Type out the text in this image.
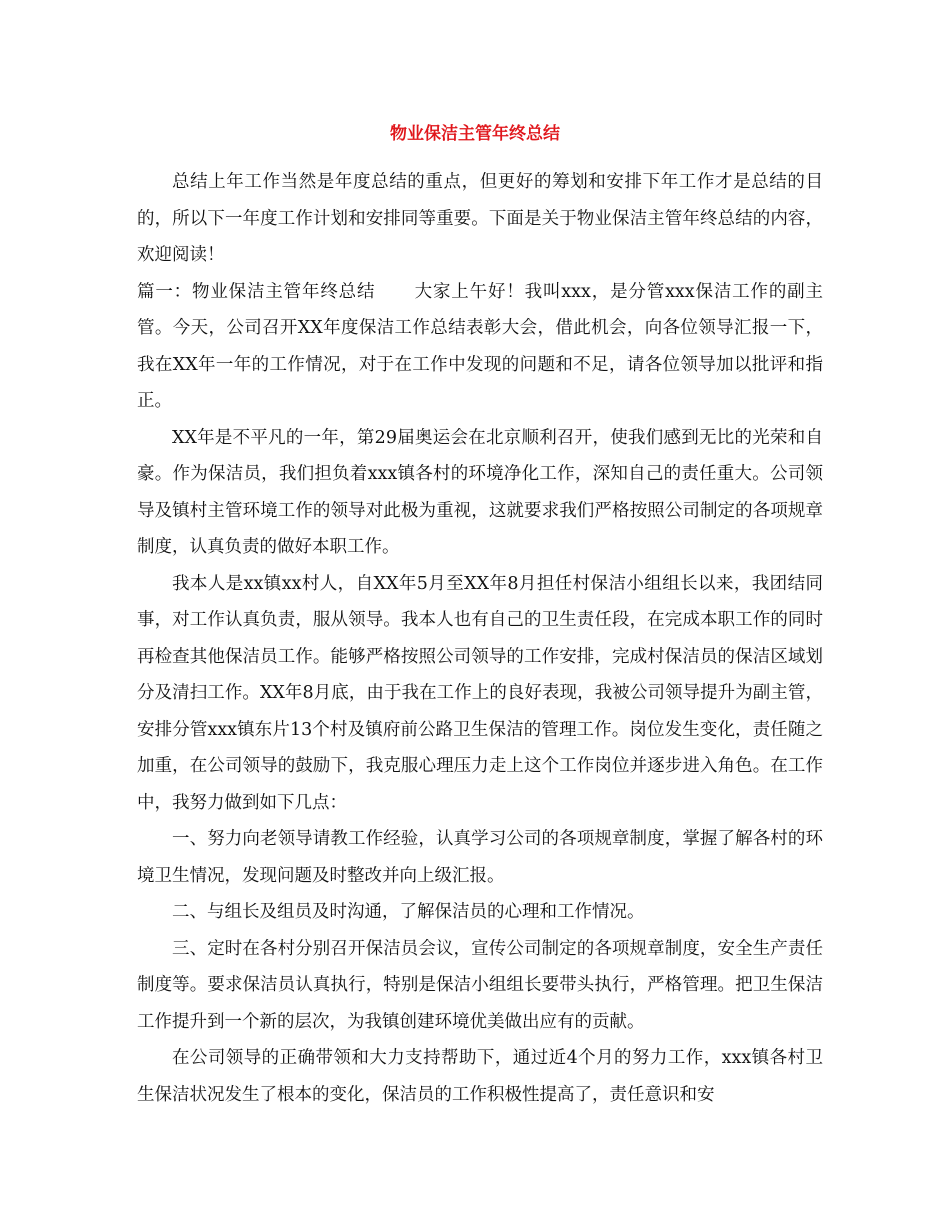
物业保洁主管年终总结

总结上年工作当然是年度总结的重点，但更好的筹划和安排下年工作才是总结的目的，所以下一年度工作计划和安排同等重要。下面是关于物业保洁主管年终总结的内容，欢迎阅读！

篇一：物业保洁主管年终总结 大家上午好！我叫xxx，是分管xxx保洁工作的副主管。今天，公司召开XX年度保洁工作总结表彰大会，借此机会，向各位领导汇报一下，我在XX年一年的工作情况，对于在工作中发现的问题和不足，请各位领导加以批评和指正。

XX年是不平凡的一年，第29届奥运会在北京顺利召开，使我们感到无比的光荣和自豪。作为保洁员，我们担负着xxx镇各村的环境净化工作，深知自己的责任重大。公司领导及镇村主管环境工作的领导对此极为重视，这就要求我们严格按照公司制定的各项规章制度，认真负责的做好本职工作。

我本人是xx镇xx村人，自XX年5月至XX年8月担任村保洁小组组长以来，我团结同事，对工作认真负责，服从领导。我本人也有自己的卫生责任段，在完成本职工作的同时再检查其他保洁员工作。能够严格按照公司领导的工作安排，完成村保洁员的保洁区域划分及清扫工作。XX年8月底，由于我在工作上的良好表现，我被公司领导提升为副主管，安排分管xxx镇东片13个村及镇府前公路卫生保洁的管理工作。岗位发生变化，责任随之加重，在公司领导的鼓励下，我克服心理压力走上这个工作岗位并逐步进入角色。在工作中，我努力做到如下几点：

一、努力向老领导请教工作经验，认真学习公司的各项规章制度，掌握了解各村的环境卫生情况，发现问题及时整改并向上级汇报。

二、与组长及组员及时沟通，了解保洁员的心理和工作情况。

三、定时在各村分别召开保洁员会议，宣传公司制定的各项规章制度，安全生产责任制度等。要求保洁员认真执行，特别是保洁小组组长要带头执行，严格管理。把卫生保洁工作提升到一个新的层次，为我镇创建环境优美做出应有的贡献。

在公司领导的正确带领和大力支持帮助下，通过近4个月的努力工作，xxx镇各村卫生保洁状况发生了根本的变化，保洁员的工作积极性提高了，责任意识和安
